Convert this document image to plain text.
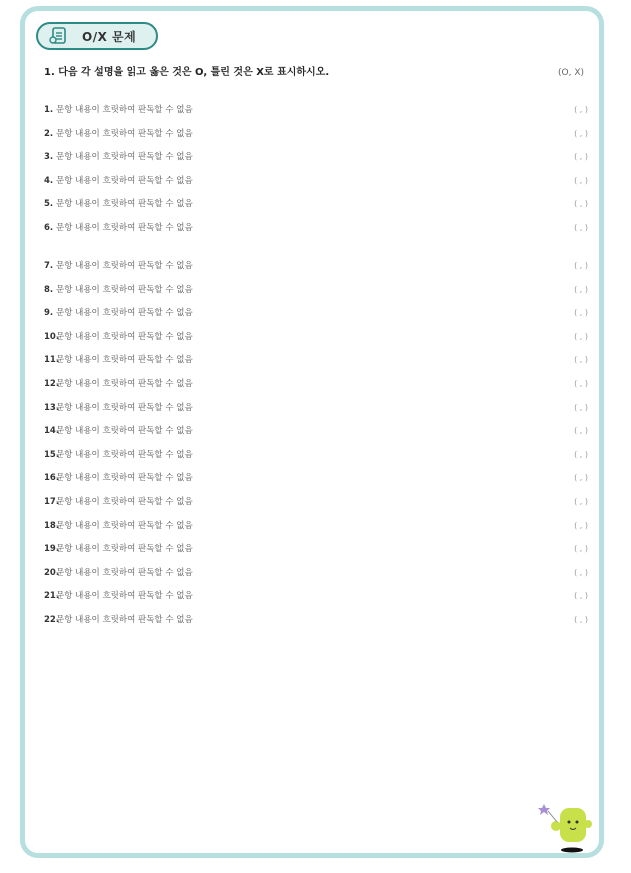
O/X 문제
1. 다음 각 설명을 읽고 옳은 것은 O, 틀린 것은 X로 표시하시오.	(O, X)
1. 문항 내용이 흐릿하여 판독할 수 없음	( , )
2. 문항 내용이 흐릿하여 판독할 수 없음	( , )
3. 문항 내용이 흐릿하여 판독할 수 없음	( , )
4. 문항 내용이 흐릿하여 판독할 수 없음	( , )
5. 문항 내용이 흐릿하여 판독할 수 없음	( , )
6. 문항 내용이 흐릿하여 판독할 수 없음	( , )
7. 문항 내용이 흐릿하여 판독할 수 없음	( , )
8. 문항 내용이 흐릿하여 판독할 수 없음	( , )
9. 문항 내용이 흐릿하여 판독할 수 없음	( , )
10.문항 내용이 흐릿하여 판독할 수 없음	( , )
11.문항 내용이 흐릿하여 판독할 수 없음	( , )
12.문항 내용이 흐릿하여 판독할 수 없음	( , )
13.문항 내용이 흐릿하여 판독할 수 없음	( , )
14.문항 내용이 흐릿하여 판독할 수 없음	( , )
15.문항 내용이 흐릿하여 판독할 수 없음	( , )
16.문항 내용이 흐릿하여 판독할 수 없음	( , )
17.문항 내용이 흐릿하여 판독할 수 없음	( , )
18.문항 내용이 흐릿하여 판독할 수 없음	( , )
19.문항 내용이 흐릿하여 판독할 수 없음	( , )
20.문항 내용이 흐릿하여 판독할 수 없음	( , )
21.문항 내용이 흐릿하여 판독할 수 없음	( , )
22.문항 내용이 흐릿하여 판독할 수 없음	( , )
